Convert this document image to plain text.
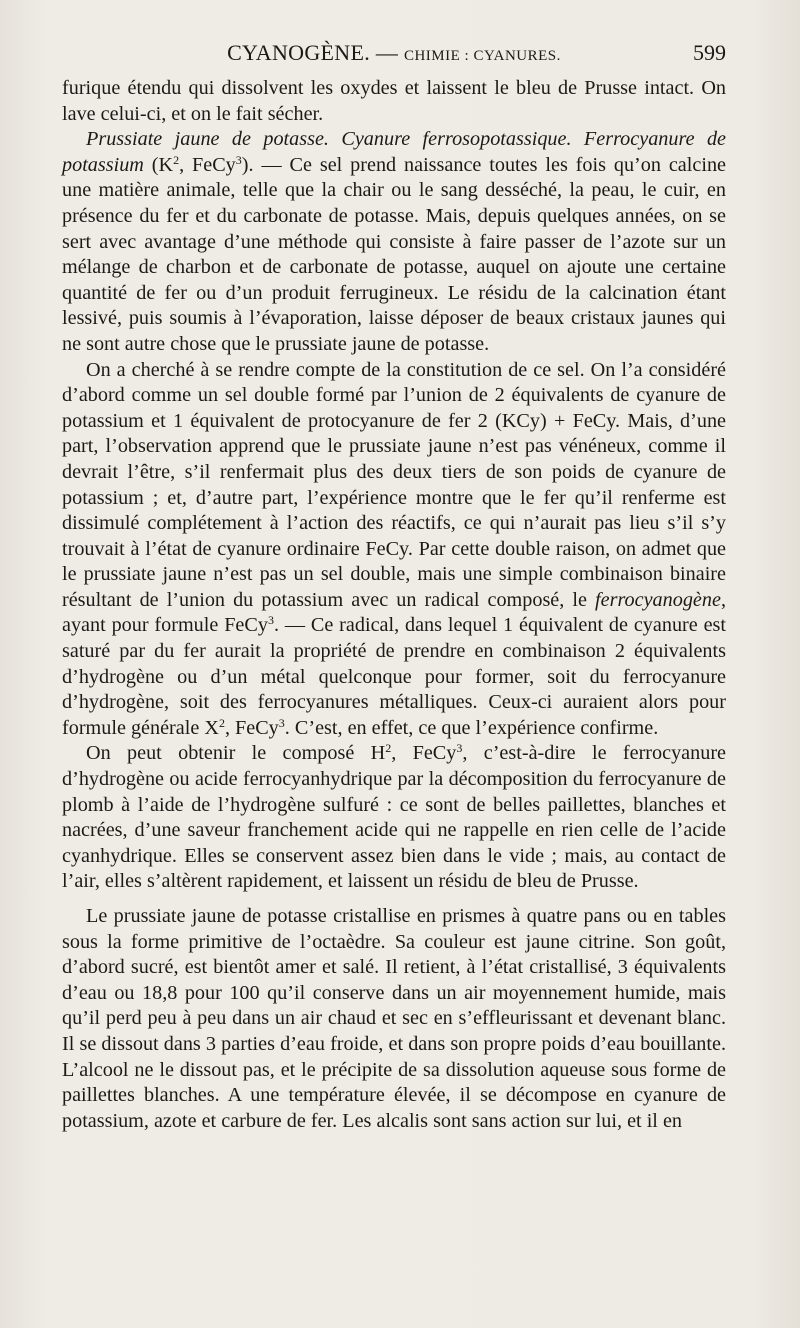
CYANOGÈNE. — CHIMIE : CYANURES.	599

furique étendu qui dissolvent les oxydes et laissent le bleu de Prusse intact. On lave celui-ci, et on le fait sécher.

Prussiate jaune de potasse. Cyanure ferrosopotassique. Ferrocyanure de potassium ($K^2$, FeCy$^3$). — Ce sel prend naissance toutes les fois qu’on calcine une matière animale, telle que la chair ou le sang desséché, la peau, le cuir, en présence du fer et du carbonate de potasse. Mais, depuis quelques années, on se sert avec avantage d’une méthode qui consiste à faire passer de l’azote sur un mélange de charbon et de carbonate de potasse, auquel on ajoute une certaine quantité de fer ou d’un produit ferrugineux. Le résidu de la calcination étant lessivé, puis soumis à l’évaporation, laisse déposer de beaux cristaux jaunes qui ne sont autre chose que le prussiate jaune de potasse.

On a cherché à se rendre compte de la constitution de ce sel. On l’a considéré d’abord comme un sel double formé par l’union de 2 équivalents de cyanure de potassium et 1 équivalent de protocyanure de fer 2 (KCy) + FeCy. Mais, d’une part, l’observation apprend que le prussiate jaune n’est pas vénéneux, comme il devrait l’être, s’il renfermait plus des deux tiers de son poids de cyanure de potassium ; et, d’autre part, l’expérience montre que le fer qu’il renferme est dissimulé complétement à l’action des réactifs, ce qui n’aurait pas lieu s’il s’y trouvait à l’état de cyanure ordinaire FeCy. Par cette double raison, on admet que le prussiate jaune n’est pas un sel double, mais une simple combinaison binaire résultant de l’union du potassium avec un radical composé, le ferrocyanogène, ayant pour formule FeCy$^3$. — Ce radical, dans lequel 1 équivalent de cyanure est saturé par du fer aurait la propriété de prendre en combinaison 2 équivalents d’hydrogène ou d’un métal quelconque pour former, soit du ferrocyanure d’hydrogène, soit des ferrocyanures métalliques. Ceux-ci auraient alors pour formule générale $X^2$, FeCy$^3$. C’est, en effet, ce que l’expérience confirme.

On peut obtenir le composé $H^2$, FeCy$^3$, c’est-à-dire le ferrocyanure d’hydrogène ou acide ferrocyanhydrique par la décomposition du ferrocyanure de plomb à l’aide de l’hydrogène sulfuré : ce sont de belles paillettes, blanches et nacrées, d’une saveur franchement acide qui ne rappelle en rien celle de l’acide cyanhydrique. Elles se conservent assez bien dans le vide ; mais, au contact de l’air, elles s’altèrent rapidement, et laissent un résidu de bleu de Prusse.

Le prussiate jaune de potasse cristallise en prismes à quatre pans ou en tables sous la forme primitive de l’octaèdre. Sa couleur est jaune citrine. Son goût, d’abord sucré, est bientôt amer et salé. Il retient, à l’état cristallisé, 3 équivalents d’eau ou 18,8 pour 100 qu’il conserve dans un air moyennement humide, mais qu’il perd peu à peu dans un air chaud et sec en s’effleurissant et devenant blanc. Il se dissout dans 3 parties d’eau froide, et dans son propre poids d’eau bouillante. L’alcool ne le dissout pas, et le précipite de sa dissolution aqueuse sous forme de paillettes blanches. A une température élevée, il se décompose en cyanure de potassium, azote et carbure de fer. Les alcalis sont sans action sur lui, et il en
